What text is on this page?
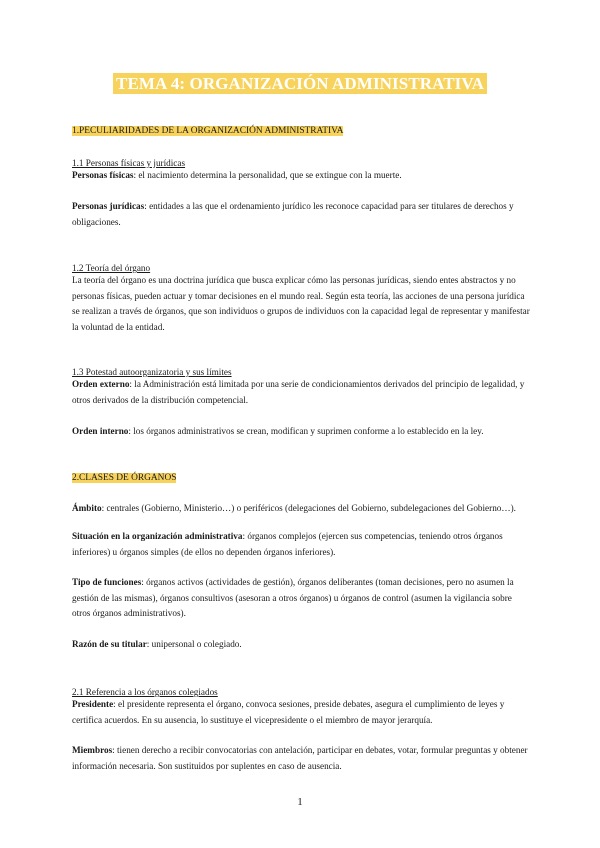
TEMA 4: ORGANIZACIÓN ADMINISTRATIVA
1.PECULIARIDADES DE LA ORGANIZACIÓN ADMINISTRATIVA
1.1 Personas físicas y jurídicas
Personas físicas: el nacimiento determina la personalidad, que se extingue con la muerte.
Personas jurídicas: entidades a las que el ordenamiento jurídico les reconoce capacidad para ser titulares de derechos y obligaciones.
1.2 Teoría del órgano
La teoría del órgano es una doctrina jurídica que busca explicar cómo las personas jurídicas, siendo entes abstractos y no personas físicas, pueden actuar y tomar decisiones en el mundo real. Según esta teoría, las acciones de una persona jurídica se realizan a través de órganos, que son individuos o grupos de individuos con la capacidad legal de representar y manifestar la voluntad de la entidad.
1.3 Potestad autoorganizatoria y sus límites
Orden externo: la Administración está limitada por una serie de condicionamientos derivados del principio de legalidad, y otros derivados de la distribución competencial.
Orden interno: los órganos administrativos se crean, modifican y suprimen conforme a lo establecido en la ley.
2.CLASES DE ÓRGANOS
Ámbito: centrales (Gobierno, Ministerio…) o periféricos (delegaciones del Gobierno, subdelegaciones del Gobierno…).
Situación en la organización administrativa: órganos complejos (ejercen sus competencias, teniendo otros órganos inferiores) u órganos simples (de ellos no dependen órganos inferiores).
Tipo de funciones: órganos activos (actividades de gestión), órganos deliberantes (toman decisiones, pero no asumen la gestión de las mismas), órganos consultivos (asesoran a otros órganos) u órganos de control (asumen la vigilancia sobre otros órganos administrativos).
Razón de su titular: unipersonal o colegiado.
2.1 Referencia a los órganos colegiados
Presidente: el presidente representa el órgano, convoca sesiones, preside debates, asegura el cumplimiento de leyes y certifica acuerdos. En su ausencia, lo sustituye el vicepresidente o el miembro de mayor jerarquía.
Miembros: tienen derecho a recibir convocatorias con antelación, participar en debates, votar, formular preguntas y obtener información necesaria. Son sustituidos por suplentes en caso de ausencia.
1
